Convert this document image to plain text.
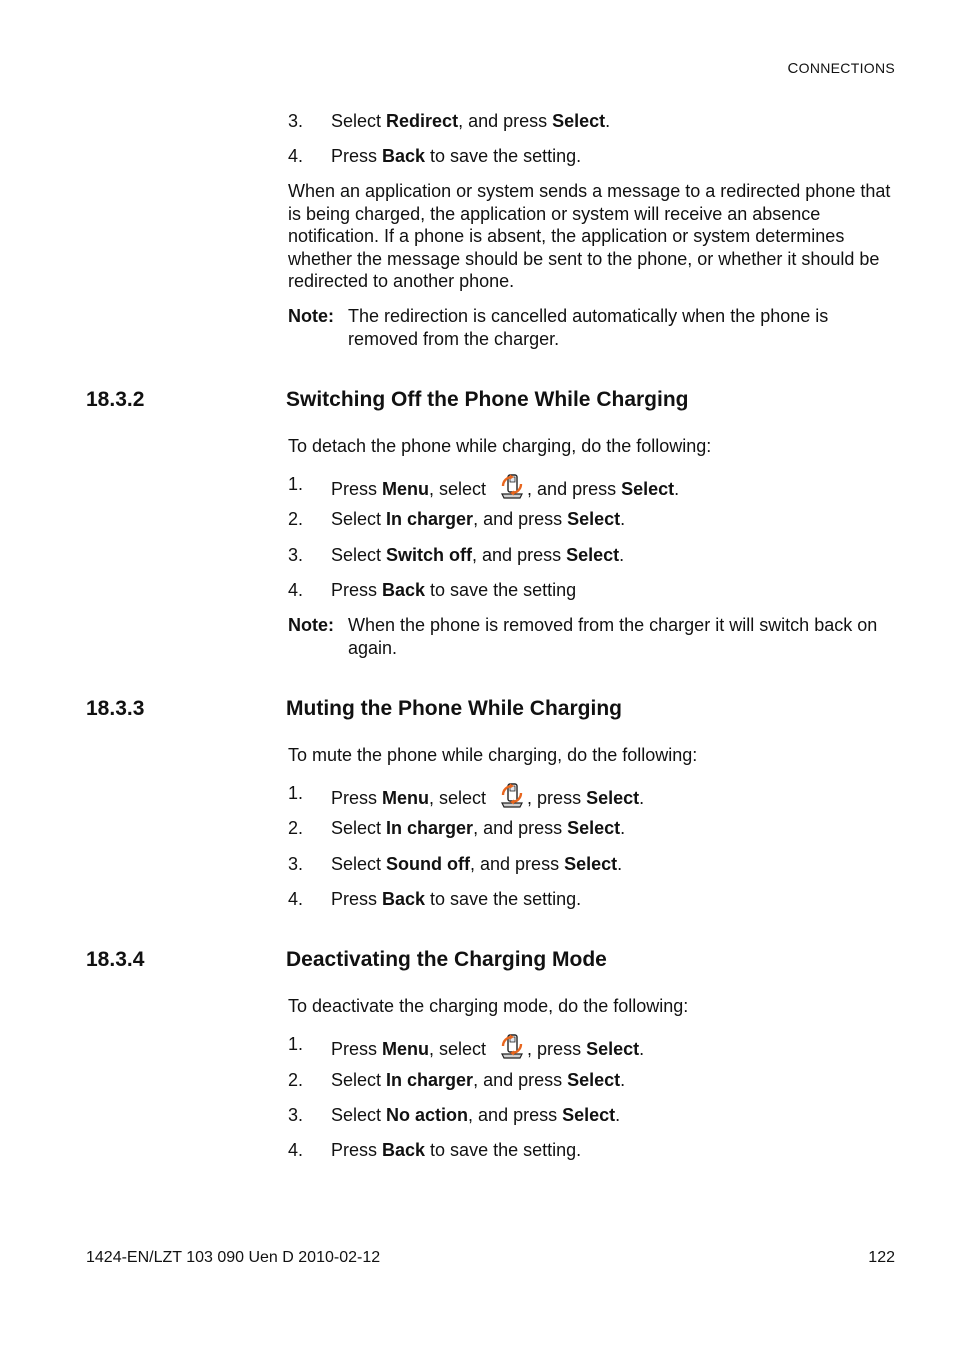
CONNECTIONS
3. Select Redirect, and press Select.
4. Press Back to save the setting.
When an application or system sends a message to a redirected phone that is being charged, the application or system will receive an absence notification. If a phone is absent, the application or system determines whether the message should be sent to the phone, or whether it should be redirected to another phone.
Note: The redirection is cancelled automatically when the phone is removed from the charger.
18.3.2	Switching Off the Phone While Charging
To detach the phone while charging, do the following:
1. Press Menu, select , and press Select.
2. Select In charger, and press Select.
3. Select Switch off, and press Select.
4. Press Back to save the setting
Note: When the phone is removed from the charger it will switch back on again.
18.3.3	Muting the Phone While Charging
To mute the phone while charging, do the following:
1. Press Menu, select , press Select.
2. Select In charger, and press Select.
3. Select Sound off, and press Select.
4. Press Back to save the setting.
18.3.4	Deactivating the Charging Mode
To deactivate the charging mode, do the following:
1. Press Menu, select , press Select.
2. Select In charger, and press Select.
3. Select No action, and press Select.
4. Press Back to save the setting.
1424-EN/LZT 103 090 Uen D 2010-02-12	122
